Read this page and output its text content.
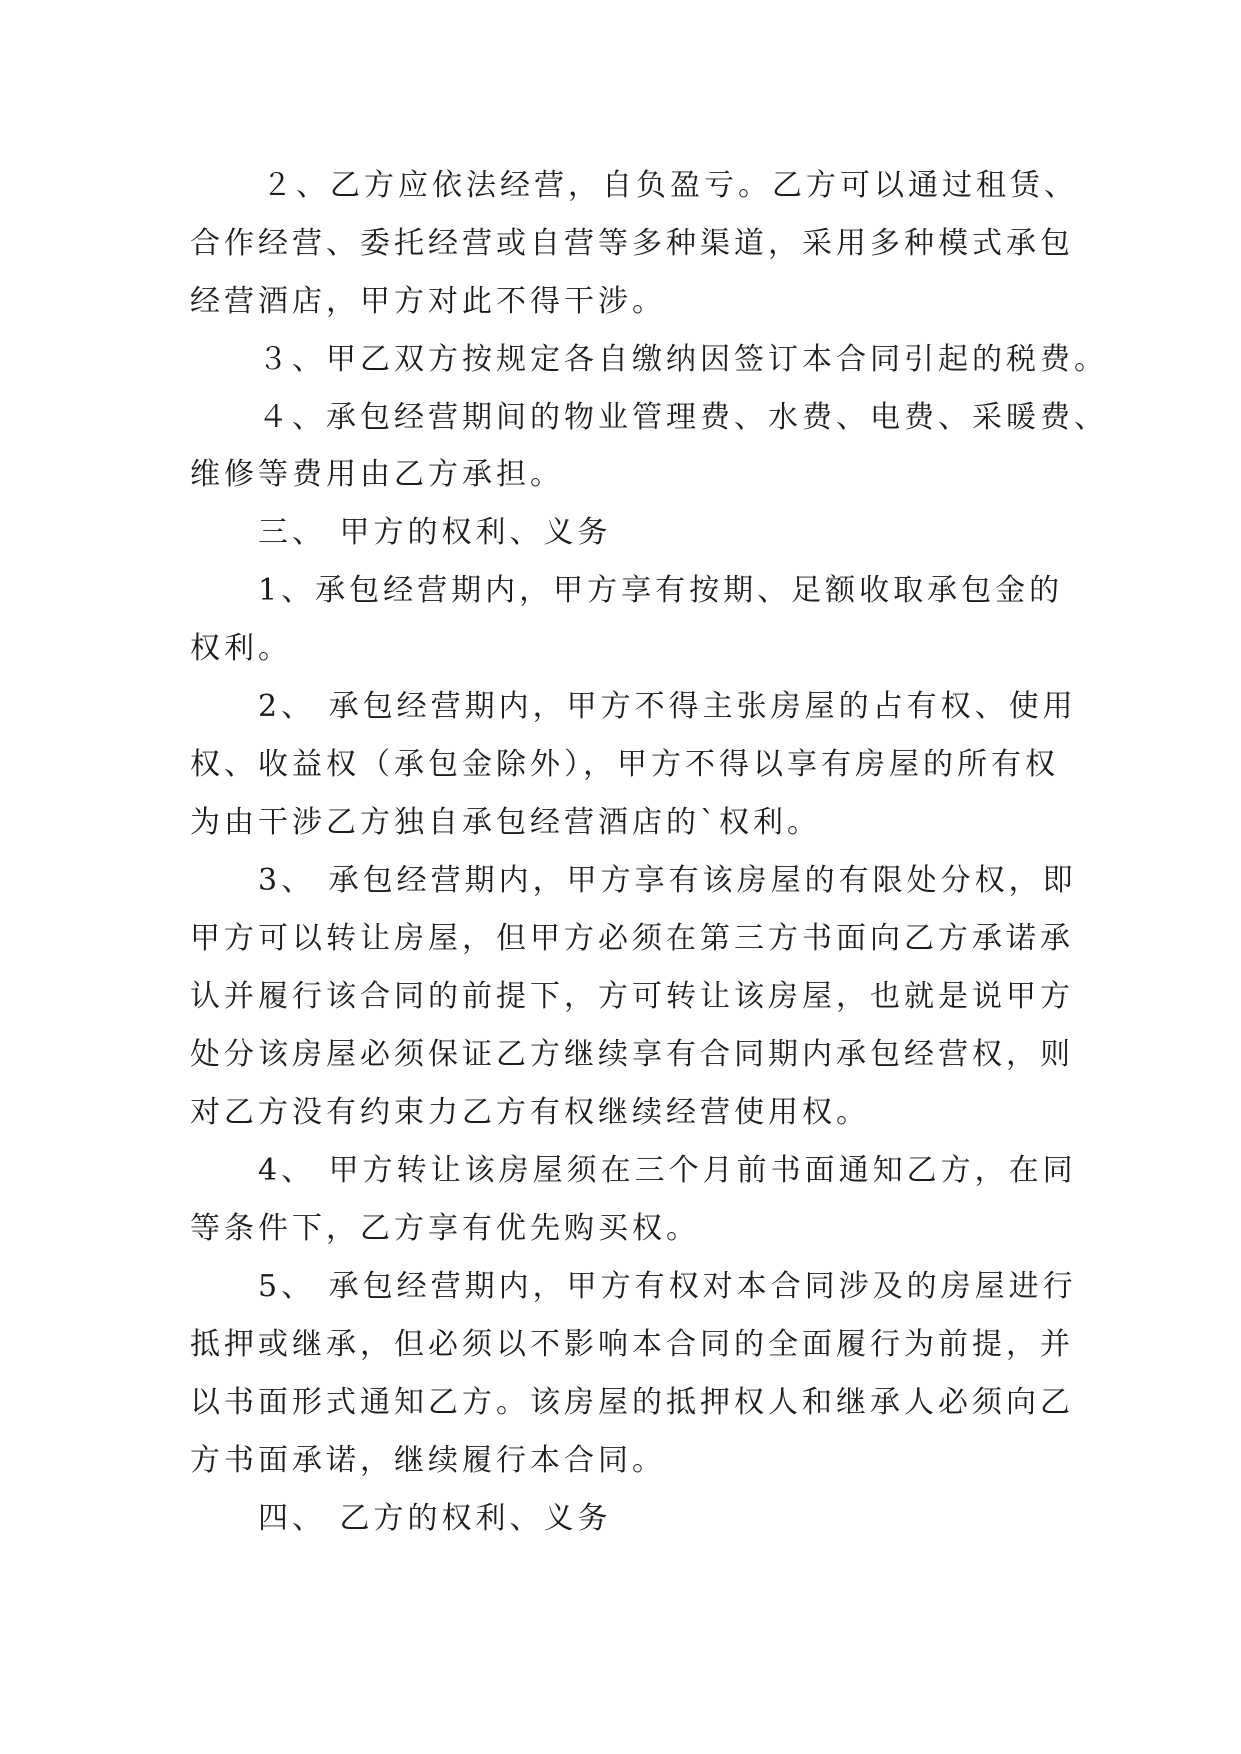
２、乙方应依法经营，自负盈亏。乙方可以通过租赁、

合作经营、委托经营或自营等多种渠道，采用多种模式承包

经营酒店，甲方对此不得干涉。

３、甲乙双方按规定各自缴纳因签订本合同引起的税费。

４、承包经营期间的物业管理费、水费、电费、采暖费、

维修等费用由乙方承担。

三、 甲方的权利、义务

1、承包经营期内，甲方享有按期、足额收取承包金的

权利。

2、 承包经营期内，甲方不得主张房屋的占有权、使用

权、收益权（承包金除外），甲方不得以享有房屋的所有权

为由干涉乙方独自承包经营酒店的`权利。

3、 承包经营期内，甲方享有该房屋的有限处分权，即

甲方可以转让房屋，但甲方必须在第三方书面向乙方承诺承

认并履行该合同的前提下，方可转让该房屋，也就是说甲方

处分该房屋必须保证乙方继续享有合同期内承包经营权，则

对乙方没有约束力乙方有权继续经营使用权。

4、 甲方转让该房屋须在三个月前书面通知乙方，在同

等条件下，乙方享有优先购买权。

5、 承包经营期内，甲方有权对本合同涉及的房屋进行

抵押或继承，但必须以不影响本合同的全面履行为前提，并

以书面形式通知乙方。该房屋的抵押权人和继承人必须向乙

方书面承诺，继续履行本合同。

四、 乙方的权利、义务
